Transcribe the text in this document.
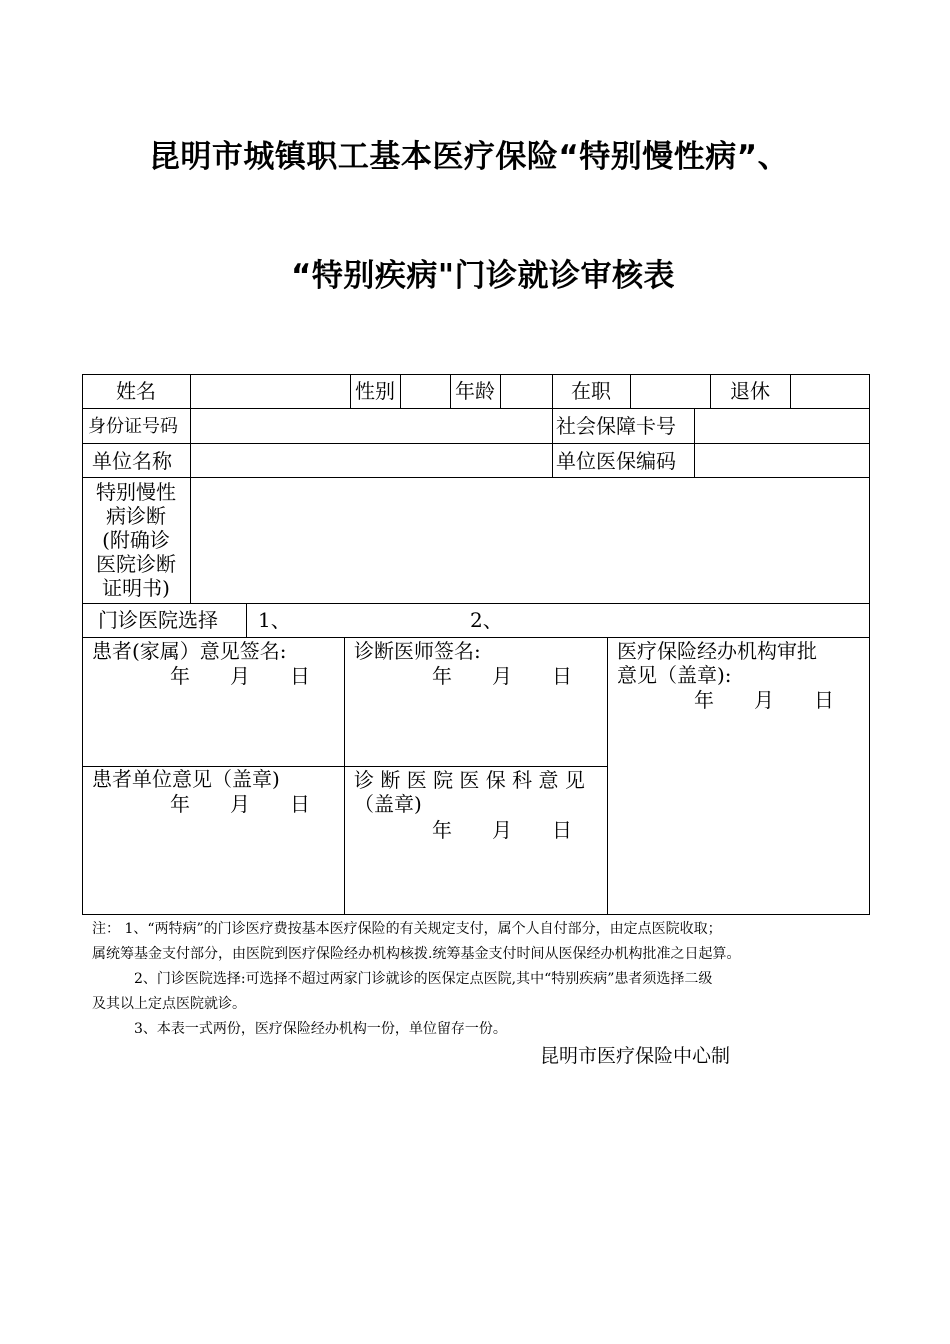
昆明市城镇职工基本医疗保险“特别慢性病”、
“特别疾病"门诊就诊审核表
姓名	性别	年龄	在职	退休
身份证号码	社会保障卡号
单位名称	单位医保编码
特别慢性
病诊断
(附确诊
医院诊断
证明书)
门诊医院选择 1、	2、
患者(家属）意见签名:
年　　月　　日
诊断医师签名:
年　　月　　日
医疗保险经办机构审批
意见（盖章):
年　　月　　日
患者单位意见（盖章)
年　　月　　日
诊 断 医 院 医 保 科 意 见
（盖章)
年　　月　　日
注： 1、“两特病”的门诊医疗费按基本医疗保险的有关规定支付，属个人自付部分，由定点医院收取；
属统筹基金支付部分，由医院到医疗保险经办机构核拨.统筹基金支付时间从医保经办机构批准之日起算。
2、门诊医院选择:可选择不超过两家门诊就诊的医保定点医院,其中“特别疾病”患者须选择二级
及其以上定点医院就诊。
3、本表一式两份，医疗保险经办机构一份，单位留存一份。
昆明市医疗保险中心制
